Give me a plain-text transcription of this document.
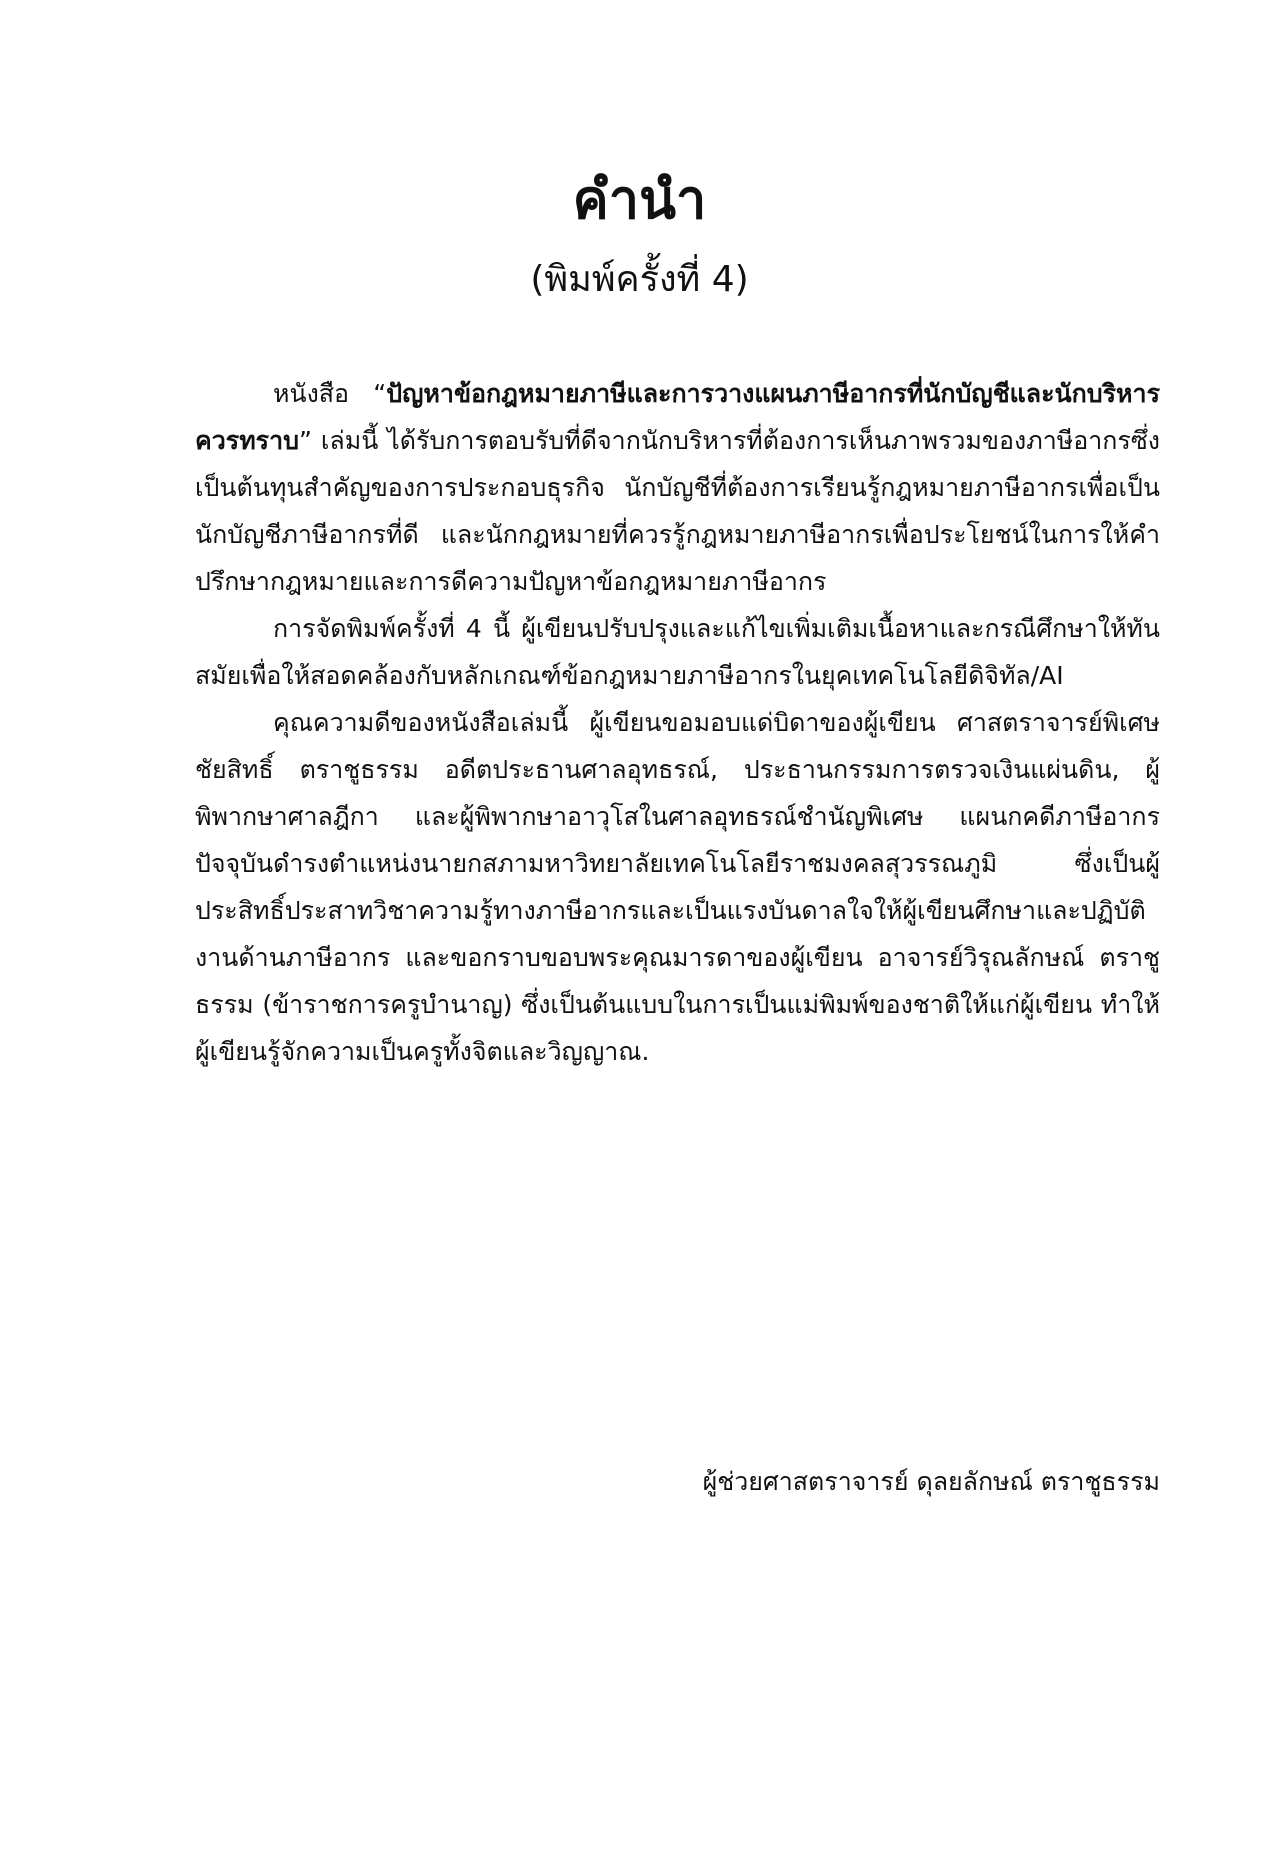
คำนำ
(พิมพ์ครั้งที่ 4)

หนังสือ “ปัญหาข้อกฎหมายภาษีและการวางแผนภาษีอากรที่นักบัญชีและนักบริหารควรทราบ” เล่มนี้ ได้รับการตอบรับที่ดีจากนักบริหารที่ต้องการเห็นภาพรวมของภาษีอากรซึ่งเป็นต้นทุนสำคัญของการประกอบธุรกิจ นักบัญชีที่ต้องการเรียนรู้กฎหมายภาษีอากรเพื่อเป็นนักบัญชีภาษีอากรที่ดี และนักกฎหมายที่ควรรู้กฎหมายภาษีอากรเพื่อประโยชน์ในการให้คำปรึกษากฎหมายและการดีความปัญหาข้อกฎหมายภาษีอากร

การจัดพิมพ์ครั้งที่ 4 นี้ ผู้เขียนปรับปรุงและแก้ไขเพิ่มเติมเนื้อหาและกรณีศึกษาให้ทันสมัยเพื่อให้สอดคล้องกับหลักเกณฑ์ข้อกฎหมายภาษีอากรในยุคเทคโนโลยีดิจิทัล/AI

คุณความดีของหนังสือเล่มนี้ ผู้เขียนขอมอบแด่บิดาของผู้เขียน ศาสตราจารย์พิเศษ ชัยสิทธิ์ ตราชูธรรม อดีตประธานศาลอุทธรณ์, ประธานกรรมการตรวจเงินแผ่นดิน, ผู้พิพากษาศาลฎีกา และผู้พิพากษาอาวุโสในศาลอุทธรณ์ชำนัญพิเศษ แผนกคดีภาษีอากร ปัจจุบันดำรงตำแหน่งนายกสภามหาวิทยาลัยเทคโนโลยีราชมงคลสุวรรณภูมิ ซึ่งเป็นผู้ประสิทธิ์ประสาทวิชาความรู้ทางภาษีอากรและเป็นแรงบันดาลใจให้ผู้เขียนศึกษาและปฏิบัติงานด้านภาษีอากร และขอกราบขอบพระคุณมารดาของผู้เขียน อาจารย์วิรุณลักษณ์ ตราชูธรรม (ข้าราชการครูบำนาญ) ซึ่งเป็นต้นแบบในการเป็นแม่พิมพ์ของชาติให้แก่ผู้เขียน ทำให้ผู้เขียนรู้จักความเป็นครูทั้งจิตและวิญญาณ.

ผู้ช่วยศาสตราจารย์ ดุลยลักษณ์ ตราชูธรรม
